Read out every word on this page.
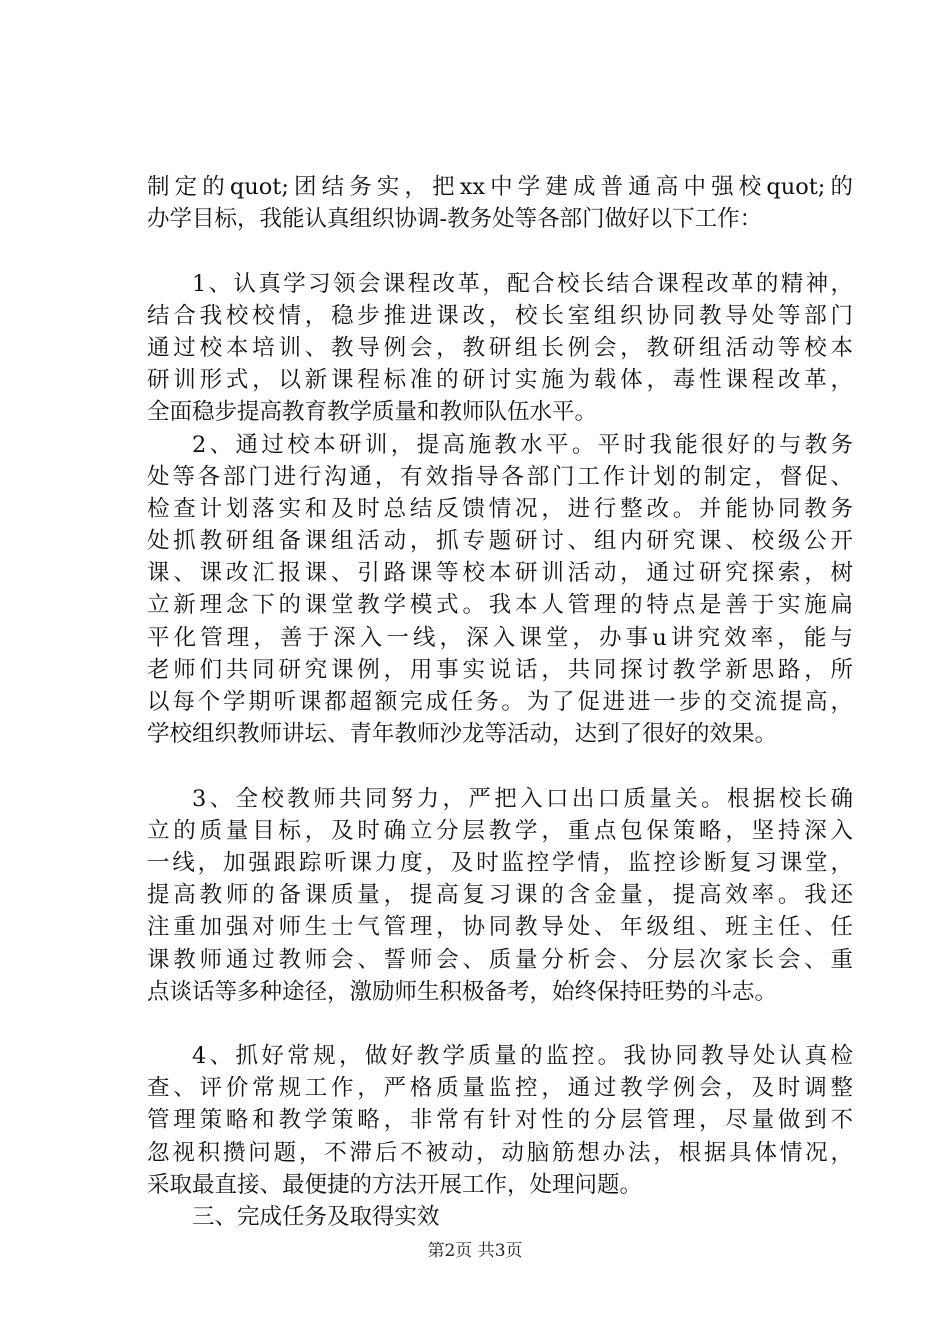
制定的quot;团结务实，把xx中学建成普通高中强校quot;的
办学目标，我能认真组织协调-教务处等各部门做好以下工作：
1、认真学习领会课程改革，配合校长结合课程改革的精神，
结合我校校情，稳步推进课改，校长室组织协同教导处等部门
通过校本培训、教导例会，教研组长例会，教研组活动等校本
研训形式，以新课程标准的研讨实施为载体，毒性课程改革，
全面稳步提高教育教学质量和教师队伍水平。
2、通过校本研训，提高施教水平。平时我能很好的与教务
处等各部门进行沟通，有效指导各部门工作计划的制定，督促、
检查计划落实和及时总结反馈情况，进行整改。并能协同教务
处抓教研组备课组活动，抓专题研讨、组内研究课、校级公开
课、课改汇报课、引路课等校本研训活动，通过研究探索，树
立新理念下的课堂教学模式。我本人管理的特点是善于实施扁
平化管理，善于深入一线，深入课堂，办事u讲究效率，能与
老师们共同研究课例，用事实说话，共同探讨教学新思路，所
以每个学期听课都超额完成任务。为了促进进一步的交流提高，
学校组织教师讲坛、青年教师沙龙等活动，达到了很好的效果。
3、全校教师共同努力，严把入口出口质量关。根据校长确
立的质量目标，及时确立分层教学，重点包保策略，坚持深入
一线，加强跟踪听课力度，及时监控学情，监控诊断复习课堂，
提高教师的备课质量，提高复习课的含金量，提高效率。我还
注重加强对师生士气管理，协同教导处、年级组、班主任、任
课教师通过教师会、誓师会、质量分析会、分层次家长会、重
点谈话等多种途径，激励师生积极备考，始终保持旺势的斗志。
4、抓好常规，做好教学质量的监控。我协同教导处认真检
查、评价常规工作，严格质量监控，通过教学例会，及时调整
管理策略和教学策略，非常有针对性的分层管理，尽量做到不
忽视积攒问题，不滞后不被动，动脑筋想办法，根据具体情况，
采取最直接、最便捷的方法开展工作，处理问题。
三、完成任务及取得实效
第2页 共3页
